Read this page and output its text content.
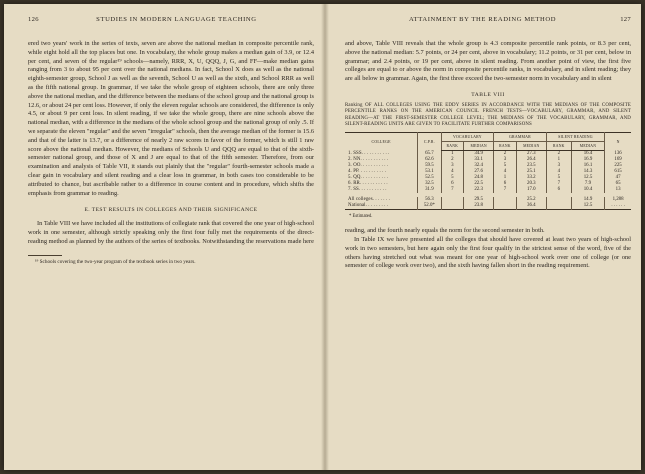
126	STUDIES IN MODERN LANGUAGE TEACHING

ered two years' work in the series of texts, seven are above the national median in composite percentile rank, while eight hold all the top places but one. In vocabulary, the whole group makes a median gain of 3.9, or 12.4 per cent, and seven of the regular¹⁹ schools—namely, RRR, X, U, QQQ, J, G, and FF—make median gains ranging from 3 to about 95 per cent over the national medians. In fact, School X does as well as the national eighth-semester group, School J as well as the seventh, School U as well as the sixth, and School RRR as well as the fifth national group. In grammar, if we take the whole group of eighteen schools, there are only three above the national median, and the difference between the medians of the school group and the national group is 12.6, or about 24 per cent loss. However, if only the eleven regular schools are considered, the difference is only 4.5, or about 9 per cent loss. In silent reading, if we take the whole group, there are nine schools above the national median, with a difference in the medians of the whole school group and the national group of only .5. If we separate the eleven "regular" and the seven "irregular" schools, then the average median of the former is 15.6 and that of the latter is 13.7, or a difference of nearly 2 raw scores in favor of the former, which is still 1 raw score above the national median. However, the medians of Schools U and QQQ are equal to that of the sixth-semester national group, and those of X and J are equal to that of the fifth semester. Therefore, from our examination and analysis of Table VII, it stands out plainly that the "regular" fourth-semester schools made a clear gain in vocabulary and silent reading and a clear loss in grammar, in both cases too considerable to be attributed to chance, but ascribable rather to a difference in course content and in procedure, which shifts the emphasis from grammar to reading.

E. TEST RESULTS IN COLLEGES AND THEIR SIGNIFICANCE

In Table VIII we have included all the institutions of collegiate rank that covered the one year of high-school work in one semester, although strictly speaking only the first four fully met the requirements of the direct-reading method as planned by the authors of the series of textbooks. Notwithstanding the reservations made here

¹⁹ Schools covering the two-year program of the textbook series in two years.

ATTAINMENT BY THE READING METHOD	127

and above, Table VIII reveals that the whole group is 4.3 composite percentile rank points, or 8.3 per cent, above the national median: 5.7 points, or 24 per cent, above in vocabulary; 11.2 points, or 31 per cent, below in grammar; and 2.4 points, or 19 per cent, above in silent reading. From another point of view, the first five colleges are equal to or above the norm in composite percentile ranks, in vocabulary, and in silent reading; they are all below in grammar. Again, the first three exceed the two-semester norm in vocabulary and in silent

TABLE VIII

Ranking OF ALL COLLEGES USING THE EDDY SERIES IN ACCORDANCE WITH THE MEDIANS OF THE COMPOSITE PERCENTILE RANKS ON THE AMERICAN COUNCIL FRENCH TESTS—VOCABULARY, GRAMMAR, AND SILENT READING—AT THE FIRST-SEMESTER COLLEGE LEVEL; THE MEDIANS OF THE VOCABULARY, GRAMMAR, AND SILENT-READING UNITS ARE GIVEN TO FACILITATE FURTHER COMPARISONS

COLLEGE	C.P.R.	VOCABULARY		GRAMMAR		SILENT READING		N
		RANK	MEDIAN	RANK	MEDIAN	RANK	MEDIAN	
1. SSS. . . . . . . . . . .	65.7	1	34.9	2	27.3	2	16.4	136
2. NN. . . . . . . . . . .	62.6	2	33.1	3	26.4	1	16.9	169
3. OO. . . . . . . . . . .	59.5	3	32.4	5	23.5	3	16.1	225
4. PP. . . . . . . . . . .	53.1	4	27.6	4	25.1	4	14.3	615
5. QQ. . . . . . . . . . .	52.5	5	24.8	1	33.2	5	12.5	47
6. RR. . . . . . . . . . .	32.5	6	22.5	6	20.3	7	7.9	65
7. SS. . . . . . . . . . .	31.9	7	22.3	7	17.0	6	10.4	13

All colleges. . . . . . .	56.3		29.5		25.2		14.9	1,288
National. . . . . . . . .	52.0*		23.8		36.4		12.5	. . . . . .
* Estimated.

reading, and the fourth nearly equals the norm for the second semester in both.

In Table IX we have presented all the colleges that should have covered at least two years of high-school work in two semesters, but here again only the first four qualify in the strictest sense of the word, five of the others having stretched out what was meant for one year of high-school work over one of college (or one semester of college work over two), and the sixth having fallen short in the reading requirement.
